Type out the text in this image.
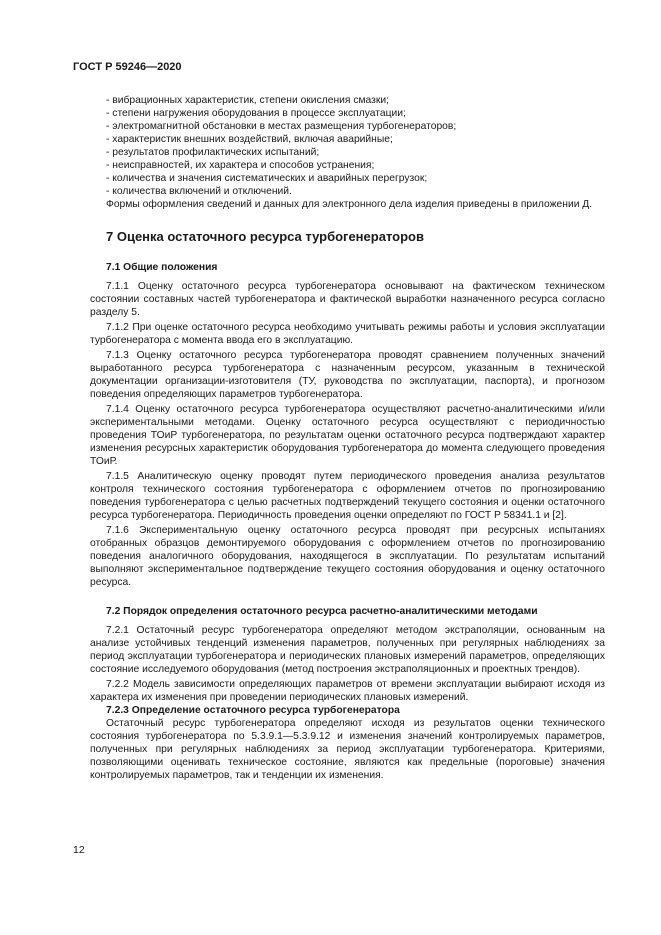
ГОСТ Р 59246—2020
- вибрационных характеристик, степени окисления смазки;
- степени нагружения оборудования в процессе эксплуатации;
- электромагнитной обстановки в местах размещения турбогенераторов;
- характеристик внешних воздействий, включая аварийные;
- результатов профилактических испытаний;
- неисправностей, их характера и способов устранения;
- количества и значения систематических и аварийных перегрузок;
- количества включений и отключений.

Формы оформления сведений и данных для электронного дела изделия приведены в приложении Д.

7 Оценка остаточного ресурса турбогенераторов
7.1 Общие положения

7.1.1 Оценку остаточного ресурса турбогенератора основывают на фактическом техническом состоянии составных частей турбогенератора и фактической выработки назначенного ресурса согласно разделу 5.

7.1.2 При оценке остаточного ресурса необходимо учитывать режимы работы и условия эксплуатации турбогенератора с момента ввода его в эксплуатацию.

7.1.3 Оценку остаточного ресурса турбогенератора проводят сравнением полученных значений выработанного ресурса турбогенератора с назначенным ресурсом, указанным в технической документации организации-изготовителя (ТУ, руководства по эксплуатации, паспорта), и прогнозом поведения определяющих параметров турбогенератора.

7.1.4 Оценку остаточного ресурса турбогенератора осуществляют расчетно-аналитическими и/или экспериментальными методами. Оценку остаточного ресурса осуществляют с периодичностью проведения ТОиР турбогенератора, по результатам оценки остаточного ресурса подтверждают характер изменения ресурсных характеристик оборудования турбогенератора до момента следующего проведения ТОиР.

7.1.5 Аналитическую оценку проводят путем периодического проведения анализа результатов контроля технического состояния турбогенератора с оформлением отчетов по прогнозированию поведения турбогенератора с целью расчетных подтверждений текущего состояния и оценки остаточного ресурса турбогенератора. Периодичность проведения оценки определяют по ГОСТ Р 58341.1 и [2].

7.1.6 Экспериментальную оценку остаточного ресурса проводят при ресурсных испытаниях отобранных образцов демонтируемого оборудования с оформлением отчетов по прогнозированию поведения аналогичного оборудования, находящегося в эксплуатации. По результатам испытаний выполняют экспериментальное подтверждение текущего состояния оборудования и оценку остаточного ресурса.

7.2 Порядок определения остаточного ресурса расчетно-аналитическими методами

7.2.1 Остаточный ресурс турбогенератора определяют методом экстраполяции, основанным на анализе устойчивых тенденций изменения параметров, полученных при регулярных наблюдениях за период эксплуатации турбогенератора и периодических плановых измерений параметров, определяющих состояние исследуемого оборудования (метод построения экстраполяционных и проектных трендов).

7.2.2 Модель зависимости определяющих параметров от времени эксплуатации выбирают исходя из характера их изменения при проведении периодических плановых измерений.

7.2.3 Определение остаточного ресурса турбогенератора

Остаточный ресурс турбогенератора определяют исходя из результатов оценки технического состояния турбогенератора по 5.3.9.1—5.3.9.12 и изменения значений контролируемых параметров, полученных при регулярных наблюдениях за период эксплуатации турбогенератора. Критериями, позволяющими оценивать техническое состояние, являются как предельные (пороговые) значения контролируемых параметров, так и тенденции их изменения.

12
